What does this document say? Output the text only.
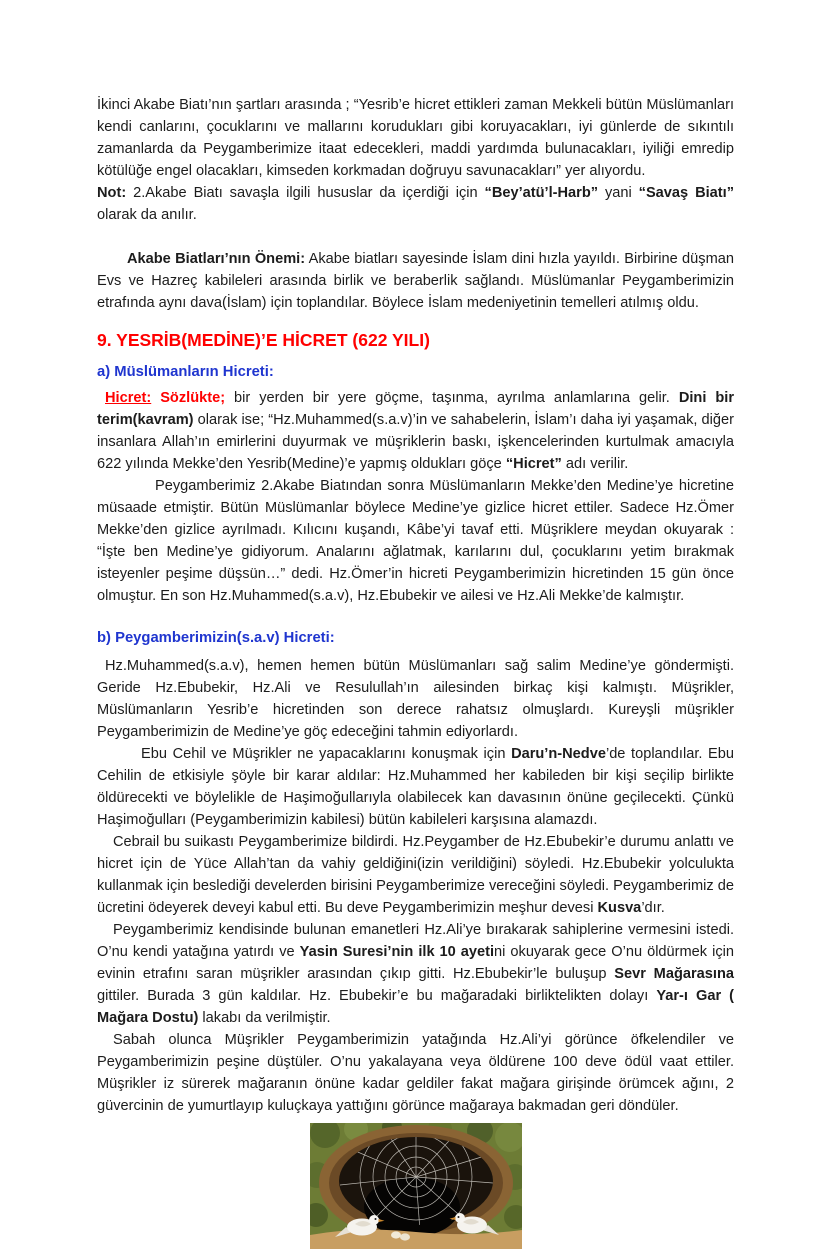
İkinci Akabe Biatı’nın şartları arasında ; “Yesrib’e hicret ettikleri zaman Mekkeli bütün Müslümanları kendi canlarını, çocuklarını ve mallarını korudukları gibi koruyacakları, iyi günlerde de sıkıntılı zamanlarda da Peygamberimize itaat edecekleri, maddi yardımda bulunacakları, iyiliği emredip kötülüğe engel olacakları, kimseden korkmadan doğruyu savunacakları” yer alıyordu.

Not: 2.Akabe Biatı savaşla ilgili hususlar da içerdiği için “Bey’atü’l-Harb” yani “Savaş Biatı” olarak da anılır.

Akabe Biatları’nın Önemi: Akabe biatları sayesinde İslam dini hızla yayıldı. Birbirine düşman Evs ve Hazreç kabileleri arasında birlik ve beraberlik sağlandı. Müslümanlar Peygamberimizin etrafında aynı dava(İslam) için toplandılar. Böylece İslam medeniyetinin temelleri atılmış oldu.

9. YESRİB(MEDİNE)’E HİCRET (622 YILI)
a) Müslümanların Hicreti:

Hicret: Sözlükte; bir yerden bir yere göçme, taşınma, ayrılma anlamlarına gelir. Dini bir terim(kavram) olarak ise; “Hz.Muhammed(s.a.v)’in ve sahabelerin, İslam’ı daha iyi yaşamak, diğer insanlara Allah’ın emirlerini duyurmak ve müşriklerin baskı, işkencelerinden kurtulmak amacıyla 622 yılında Mekke’den Yesrib(Medine)’e yapmış oldukları göçe “Hicret” adı verilir.

Peygamberimiz 2.Akabe Biatından sonra Müslümanların Mekke’den Medine’ye hicretine müsaade etmiştir. Bütün Müslümanlar böylece Medine’ye gizlice hicret ettiler. Sadece Hz.Ömer Mekke’den gizlice ayrılmadı. Kılıcını kuşandı, Kâbe’yi tavaf etti. Müşriklere meydan okuyarak : “İşte ben Medine’ye gidiyorum. Analarını ağlatmak, karılarını dul, çocuklarını yetim bırakmak isteyenler peşime düşsün…” dedi. Hz.Ömer’in hicreti Peygamberimizin hicretinden 15 gün önce olmuştur. En son Hz.Muhammed(s.a.v), Hz.Ebubekir ve ailesi ve Hz.Ali Mekke’de kalmıştır.

b) Peygamberimizin(s.a.v) Hicreti:

Hz.Muhammed(s.a.v), hemen hemen bütün Müslümanları sağ salim Medine’ye göndermişti. Geride Hz.Ebubekir, Hz.Ali ve Resulullah’ın ailesinden birkaç kişi kalmıştı. Müşrikler, Müslümanların Yesrib’e hicretinden son derece rahatsız olmuşlardı. Kureyşli müşrikler Peygamberimizin de Medine’ye göç edeceğini tahmin ediyorlardı.

Ebu Cehil ve Müşrikler ne yapacaklarını konuşmak için Daru’n-Nedve’de toplandılar. Ebu Cehilin de etkisiyle şöyle bir karar aldılar: Hz.Muhammed her kabileden bir kişi seçilip birlikte öldürecekti ve böylelikle de Haşimoğullarıyla olabilecek kan davasının önüne geçilecekti. Çünkü Haşimoğulları (Peygamberimizin kabilesi) bütün kabileleri karşısına alamazdı.

Cebrail bu suikastı Peygamberimize bildirdi. Hz.Peygamber de Hz.Ebubekir’e durumu anlattı ve hicret için de Yüce Allah’tan da vahiy geldiğini(izin verildiğini) söyledi. Hz.Ebubekir yolculukta kullanmak için beslediği develerden birisini Peygamberimize vereceğini söyledi. Peygamberimiz de ücretini ödeyerek deveyi kabul etti. Bu deve Peygamberimizin meşhur devesi Kusva’dır.

Peygamberimiz kendisinde bulunan emanetleri Hz.Ali’ye bırakarak sahiplerine vermesini istedi. O’nu kendi yatağına yatırdı ve Yasin Suresi’nin ilk 10 ayetini okuyarak gece O’nu öldürmek için evinin etrafını saran müşrikler arasından çıkıp gitti. Hz.Ebubekir’le buluşup Sevr Mağarasına gittiler. Burada 3 gün kaldılar. Hz. Ebubekir’e bu mağaradaki birliktelikten dolayı Yar-ı Gar ( Mağara Dostu) lakabı da verilmiştir.

Sabah olunca Müşrikler Peygamberimizin yatağında Hz.Ali’yi görünce öfkelendiler ve Peygamberimizin peşine düştüler. O’nu yakalayana veya öldürene 100 deve ödül vaat ettiler. Müşrikler iz sürerek mağaranın önüne kadar geldiler fakat mağara girişinde örümcek ağını, 2 güvercinin de yumurtlayıp kuluçkaya yattığını görünce mağaraya bakmadan geri döndüler.
